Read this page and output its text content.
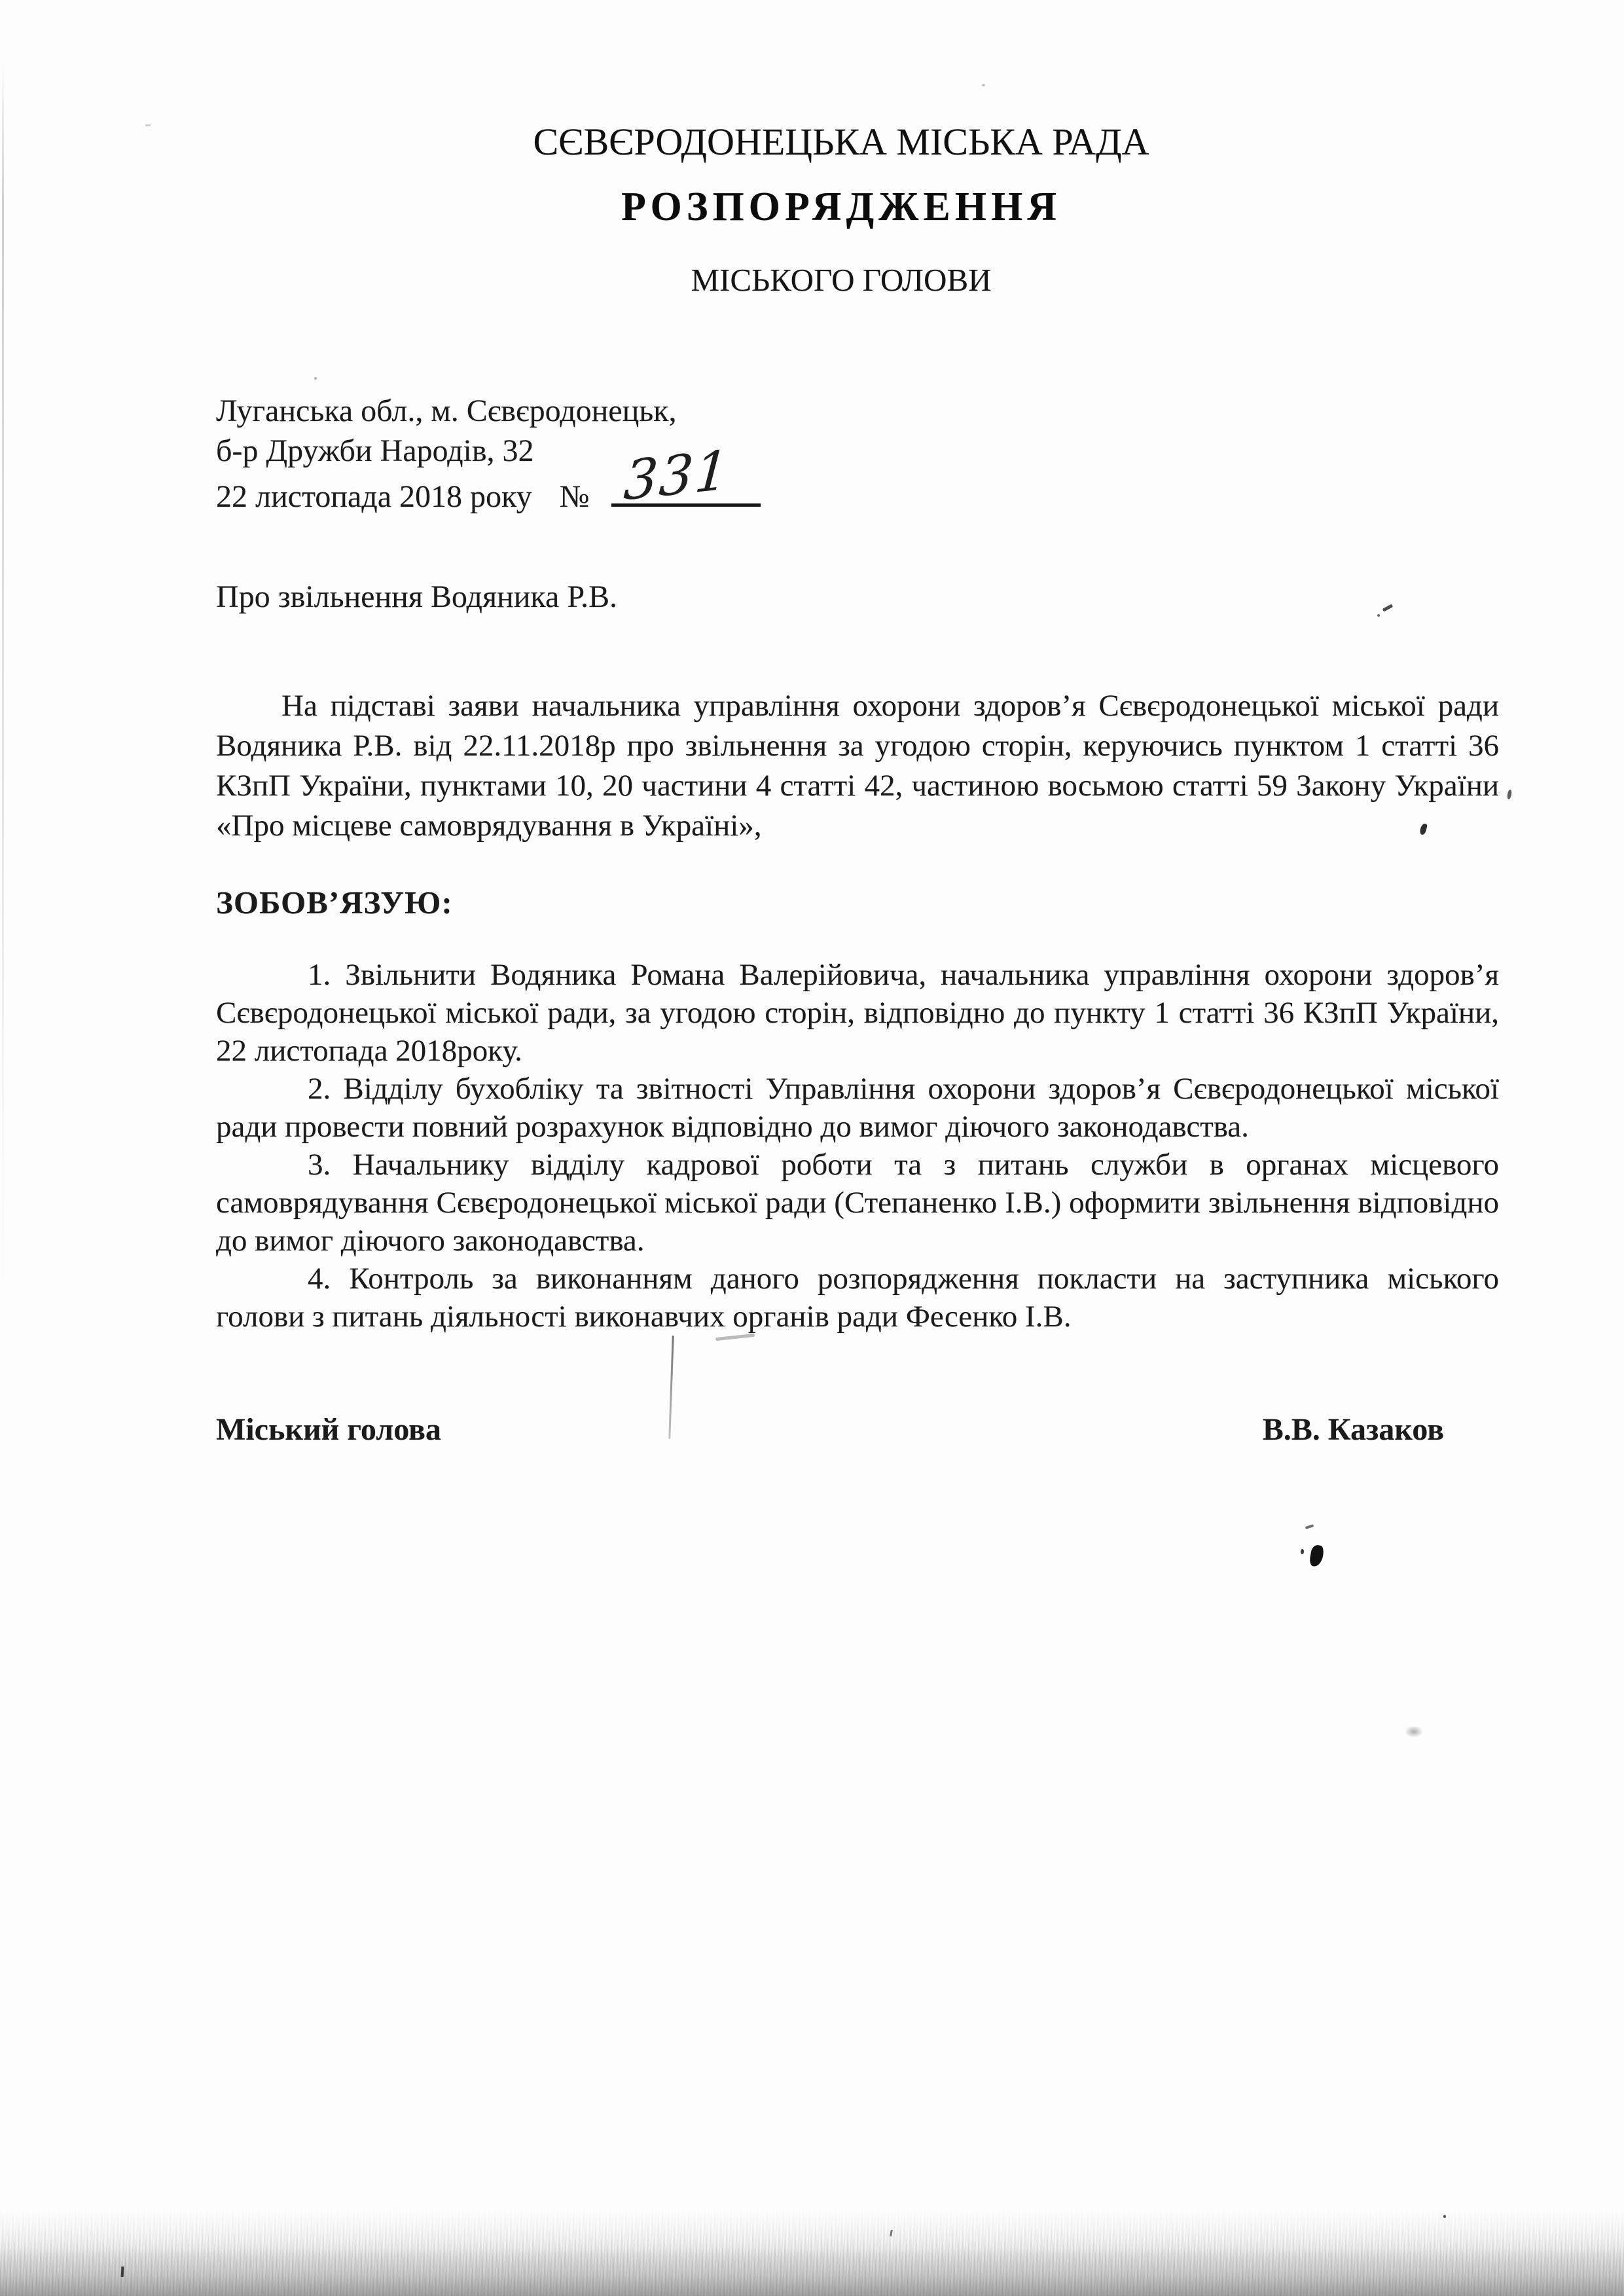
СЄВЄРОДОНЕЦЬКА МІСЬКА РАДА
РОЗПОРЯДЖЕННЯ
МІСЬКОГО ГОЛОВИ
Луганська обл., м. Сєвєродонецьк,
б-р Дружби Народів, 32
22 листопада 2018 року № 331
Про звільнення Водяника Р.В.

На підставі заяви начальника управління охорони здоров’я Сєвєродонецької міської ради Водяника Р.В. від 22.11.2018р про звільнення за угодою сторін, керуючись пунктом 1 статті 36 КЗпП України, пунктами 10, 20 частини 4 статті 42, частиною восьмою статті 59 Закону України «Про місцеве самоврядування в Україні»,

ЗОБОВ’ЯЗУЮ:

1. Звільнити Водяника Романа Валерійовича, начальника управління охорони здоров’я Сєвєродонецької міської ради, за угодою сторін, відповідно до пункту 1 статті 36 КЗпП України, 22 листопада 2018року.

2. Відділу бухобліку та звітності Управління охорони здоров’я Сєвєродонецької міської ради провести повний розрахунок відповідно до вимог діючого законодавства.

3. Начальнику відділу кадрової роботи та з питань служби в органах місцевого самоврядування Сєвєродонецької міської ради (Степаненко І.В.) оформити звільнення відповідно до вимог діючого законодавства.

4. Контроль за виконанням даного розпорядження покласти на заступника міського голови з питань діяльності виконавчих органів ради Фесенко І.В.

Міський голова	В.В. Казаков
